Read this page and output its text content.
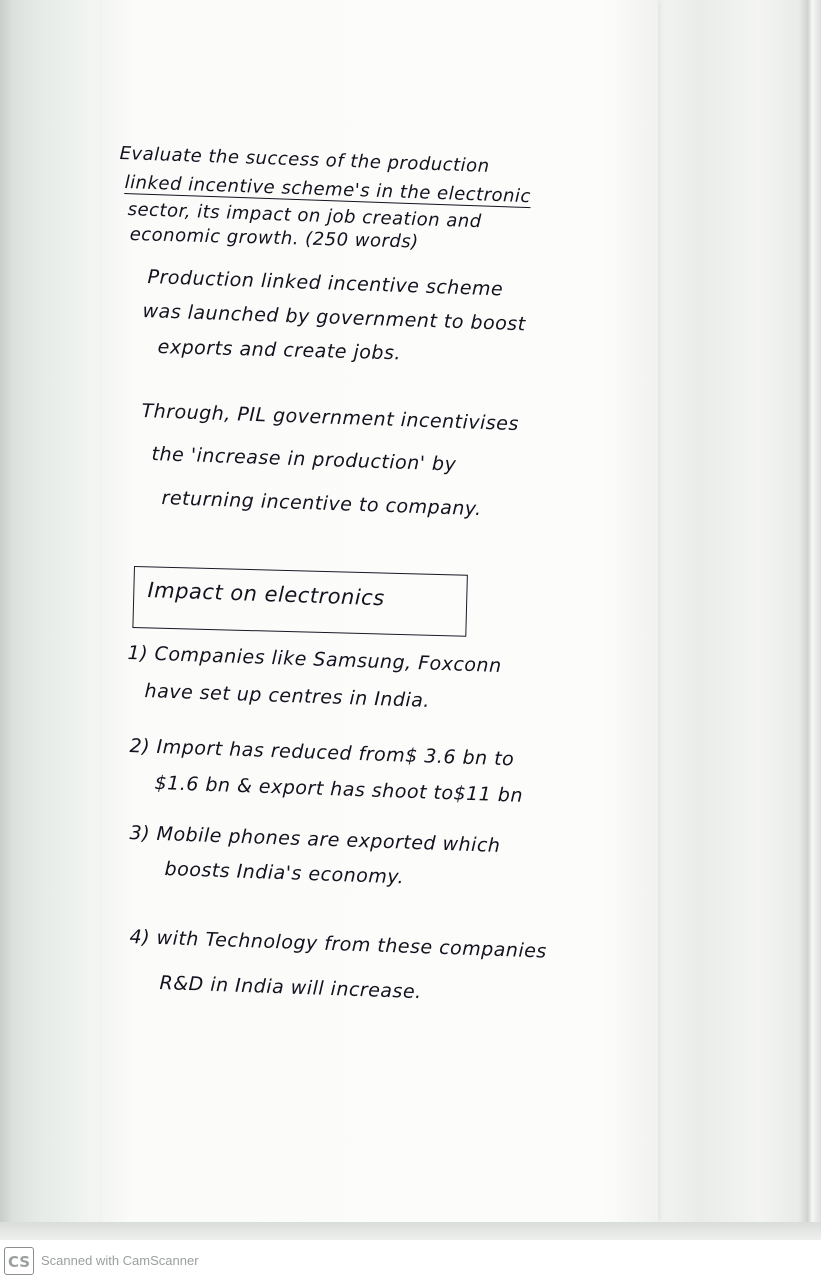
Evaluate the success of the production
linked incentive scheme's in the electronic
sector, its impact on job creation and
economic growth. (250 words)
Production linked incentive scheme
was launched by government to boost
exports and create jobs.
Through, PIL government incentivises
the 'increase in production' by
returning incentive to company.
Impact on electronics
1) Companies like Samsung, Foxconn
have set up centres in India.
2) Import has reduced from$ 3.6 bn to
$1.6 bn & export has shoot to$11 bn
3) Mobile phones are exported which
boosts India's economy.
4) with Technology from these companies
R&D in India will increase.
CS Scanned with CamScanner
